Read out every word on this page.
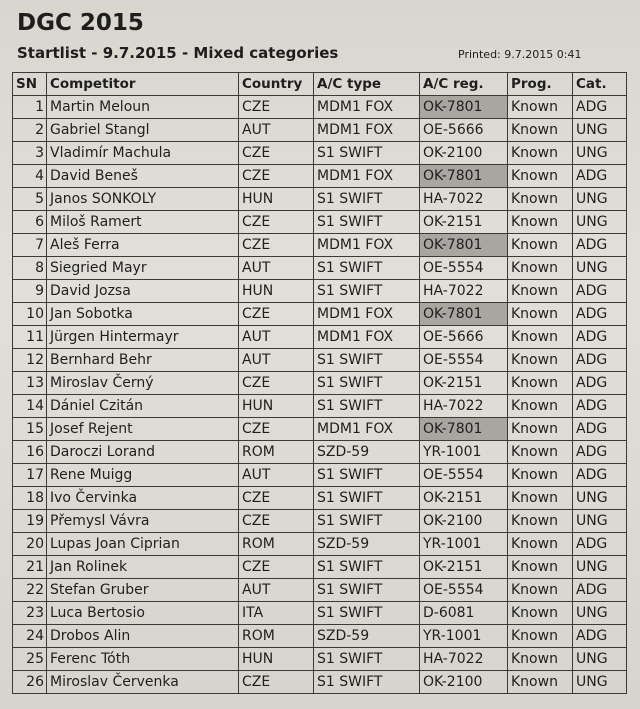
DGC 2015
Startlist - 9.7.2015 - Mixed categories	Printed: 9.7.2015 0:41
SN	Competitor	Country	A/C type	A/C reg.	Prog.	Cat.
1	Martin Meloun	CZE	MDM1 FOX	OK-7801	Known	ADG
2	Gabriel Stangl	AUT	MDM1 FOX	OE-5666	Known	UNG
3	Vladimír Machula	CZE	S1 SWIFT	OK-2100	Known	UNG
4	David Beneš	CZE	MDM1 FOX	OK-7801	Known	ADG
5	Janos SONKOLY	HUN	S1 SWIFT	HA-7022	Known	UNG
6	Miloš Ramert	CZE	S1 SWIFT	OK-2151	Known	UNG
7	Aleš Ferra	CZE	MDM1 FOX	OK-7801	Known	ADG
8	Siegried Mayr	AUT	S1 SWIFT	OE-5554	Known	UNG
9	David Jozsa	HUN	S1 SWIFT	HA-7022	Known	ADG
10	Jan Sobotka	CZE	MDM1 FOX	OK-7801	Known	ADG
11	Jürgen Hintermayr	AUT	MDM1 FOX	OE-5666	Known	ADG
12	Bernhard Behr	AUT	S1 SWIFT	OE-5554	Known	ADG
13	Miroslav Černý	CZE	S1 SWIFT	OK-2151	Known	ADG
14	Dániel Czitán	HUN	S1 SWIFT	HA-7022	Known	ADG
15	Josef Rejent	CZE	MDM1 FOX	OK-7801	Known	ADG
16	Daroczi Lorand	ROM	SZD-59	YR-1001	Known	ADG
17	Rene Muigg	AUT	S1 SWIFT	OE-5554	Known	ADG
18	Ivo Červinka	CZE	S1 SWIFT	OK-2151	Known	UNG
19	Přemysl Vávra	CZE	S1 SWIFT	OK-2100	Known	UNG
20	Lupas Joan Ciprian	ROM	SZD-59	YR-1001	Known	ADG
21	Jan Rolinek	CZE	S1 SWIFT	OK-2151	Known	UNG
22	Stefan Gruber	AUT	S1 SWIFT	OE-5554	Known	ADG
23	Luca Bertosio	ITA	S1 SWIFT	D-6081	Known	UNG
24	Drobos Alin	ROM	SZD-59	YR-1001	Known	ADG
25	Ferenc Tóth	HUN	S1 SWIFT	HA-7022	Known	UNG
26	Miroslav Červenka	CZE	S1 SWIFT	OK-2100	Known	UNG
